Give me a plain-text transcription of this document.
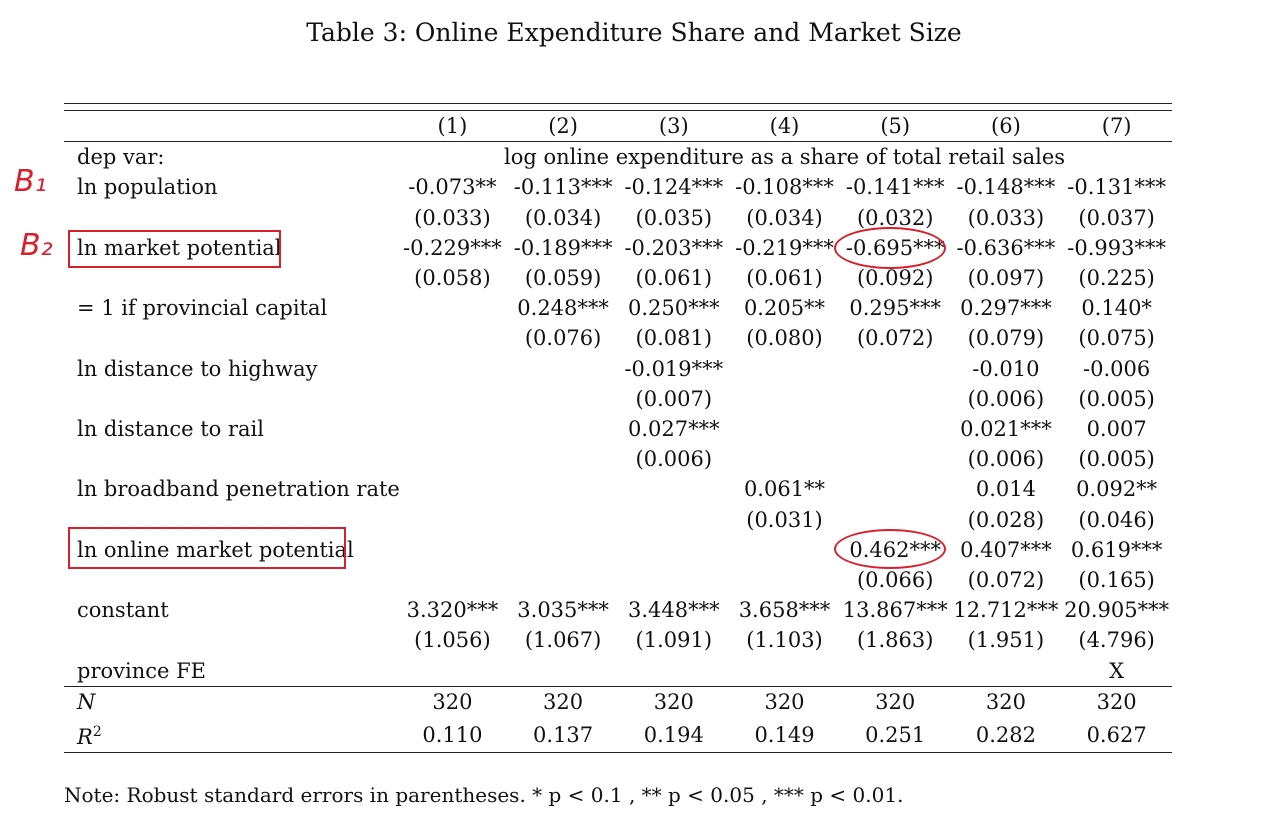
Table 3: Online Expenditure Share and Market Size
	(1)	(2)	(3)	(4)	(5)	(6)	(7)
dep var:	log online expenditure as a share of total retail sales						
ln population	-0.073**	-0.113***	-0.124***	-0.108***	-0.141***	-0.148***	-0.131***
	(0.033)	(0.034)	(0.035)	(0.034)	(0.032)	(0.033)	(0.037)
ln market potential	-0.229***	-0.189***	-0.203***	-0.219***	-0.695***	-0.636***	-0.993***
	(0.058)	(0.059)	(0.061)	(0.061)	(0.092)	(0.097)	(0.225)
= 1 if provincial capital		0.248***	0.250***	0.205**	0.295***	0.297***	0.140*
		(0.076)	(0.081)	(0.080)	(0.072)	(0.079)	(0.075)
ln distance to highway			-0.019***			-0.010	-0.006
			(0.007)			(0.006)	(0.005)
ln distance to rail			0.027***			0.021***	0.007
			(0.006)			(0.006)	(0.005)
ln broadband penetration rate				0.061**		0.014	0.092**
				(0.031)		(0.028)	(0.046)
ln online market potential					0.462***	0.407***	0.619***
					(0.066)	(0.072)	(0.165)
constant	3.320***	3.035***	3.448***	3.658***	13.867***	12.712***	20.905***
	(1.056)	(1.067)	(1.091)	(1.103)	(1.863)	(1.951)	(4.796)
province FE							X
N	320	320	320	320	320	320	320
$R^2$	0.110	0.137	0.194	0.149	0.251	0.282	0.627
Note: Robust standard errors in parentheses. * p < 0.1 , ** p < 0.05 , *** p < 0.01.
B₁
B₂
